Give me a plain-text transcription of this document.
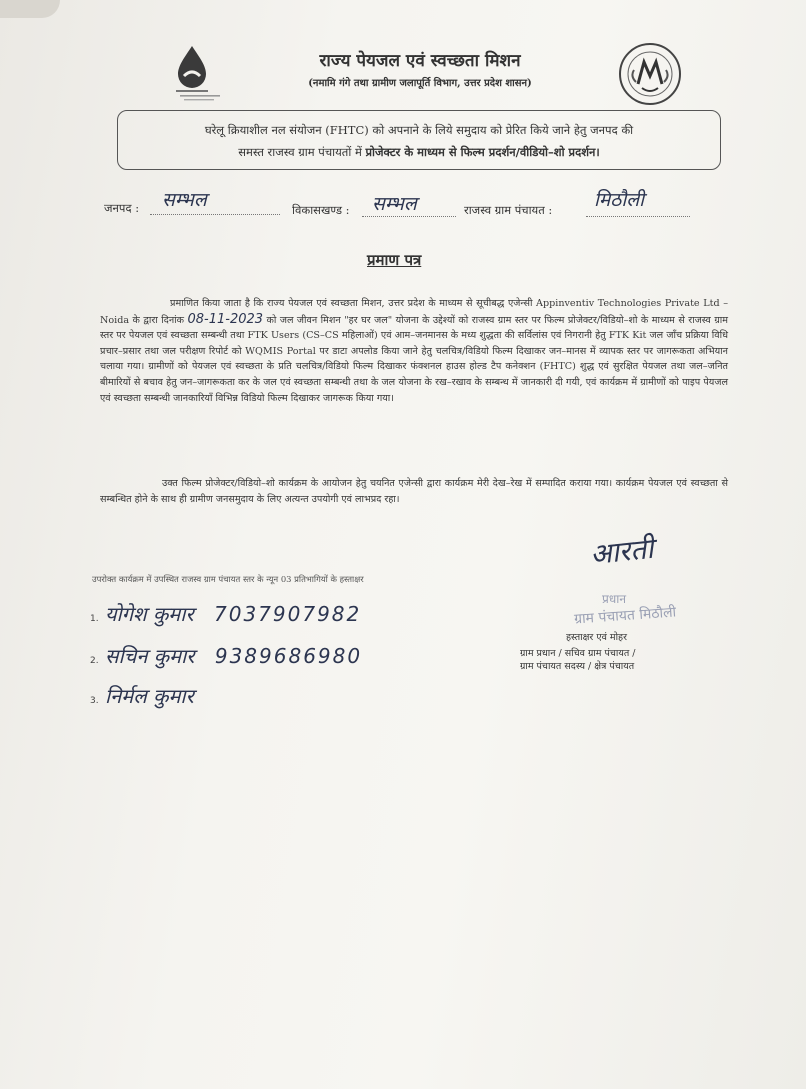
राज्य पेयजल एवं स्वच्छता मिशन
(नमामि गंगे तथा ग्रामीण जलापूर्ति विभाग, उत्तर प्रदेश शासन)
घरेलू क्रियाशील नल संयोजन (FHTC) को अपनाने के लिये समुदाय को प्रेरित किये जाने हेतु जनपद की
समस्त राजस्व ग्राम पंचायतों में प्रोजेक्टर के माध्यम से फिल्म प्रदर्शन/वीडियो–शो प्रदर्शन।
जनपद : सम्भल	विकासखण्ड : सम्भल	राजस्व ग्राम पंचायत : मिठौली
प्रमाण पत्र
प्रमाणित किया जाता है कि राज्य पेयजल एवं स्वच्छता मिशन, उत्तर प्रदेश के माध्यम से सूचीबद्ध एजेन्सी Appinventiv Technologies Private Ltd – Noida के द्वारा दिनांक 08-11-2023 को जल जीवन मिशन "हर घर जल" योजना के उद्देश्यों को राजस्व ग्राम स्तर पर फिल्म प्रोजेक्टर/विडियो–शो के माध्यम से राजस्व ग्राम स्तर पर पेयजल एवं स्वच्छता सम्बन्धी तथा FTK Users (CS–CS महिलाओं) एवं आम–जनमानस के मध्य शुद्धता की सर्विलांस एवं निगरानी हेतु FTK Kit जल जाँच प्रक्रिया विधि प्रचार–प्रसार तथा जल परीक्षण रिपोर्ट को WQMIS Portal पर डाटा अपलोड किया जाने हेतु चलचित्र/विडियो फिल्म दिखाकर जन–मानस में व्यापक स्तर पर जागरूकता अभियान चलाया गया। ग्रामीणों को पेयजल एवं स्वच्छता के प्रति चलचित्र/विडियो फिल्म दिखाकर फंक्शनल हाउस होल्ड टैप कनेक्शन (FHTC) शुद्ध एवं सुरक्षित पेयजल तथा जल–जनित बीमारियों से बचाव हेतु जन–जागरूकता कर के जल एवं स्वच्छता सम्बन्धी तथा के जल योजना के रख–रखाव के सम्बन्ध में जानकारी दी गयी, एवं कार्यक्रम में ग्रामीणों को पाइप पेयजल एवं स्वच्छता सम्बन्धी जानकारियाँ विभिन्न विडियो फिल्म दिखाकर जागरूक किया गया।
उक्त फिल्म प्रोजेक्टर/विडियो–शो कार्यक्रम के आयोजन हेतु चयनित एजेन्सी द्वारा कार्यक्रम मेरी देख–रेख में सम्पादित कराया गया। कार्यक्रम पेयजल एवं स्वच्छता से सम्बन्धित होने के साथ ही ग्रामीण जनसमुदाय के लिए अत्यन्त उपयोगी एवं लाभप्रद रहा।
उपरोक्त कार्यक्रम में उपस्थित राजस्व ग्राम पंचायत स्तर के न्यून 03 प्रतिभागियों के हस्ताक्षर
1. योगेश कुमार 7037907982
2. सचिन कुमार 9389686980
3. निर्मल कुमार
आरती
प्रधान
ग्राम पंचायत मिठौली
हस्ताक्षर एवं मोहर
ग्राम प्रधान / सचिव ग्राम पंचायत /
ग्राम पंचायत सदस्य / क्षेत्र पंचायत
